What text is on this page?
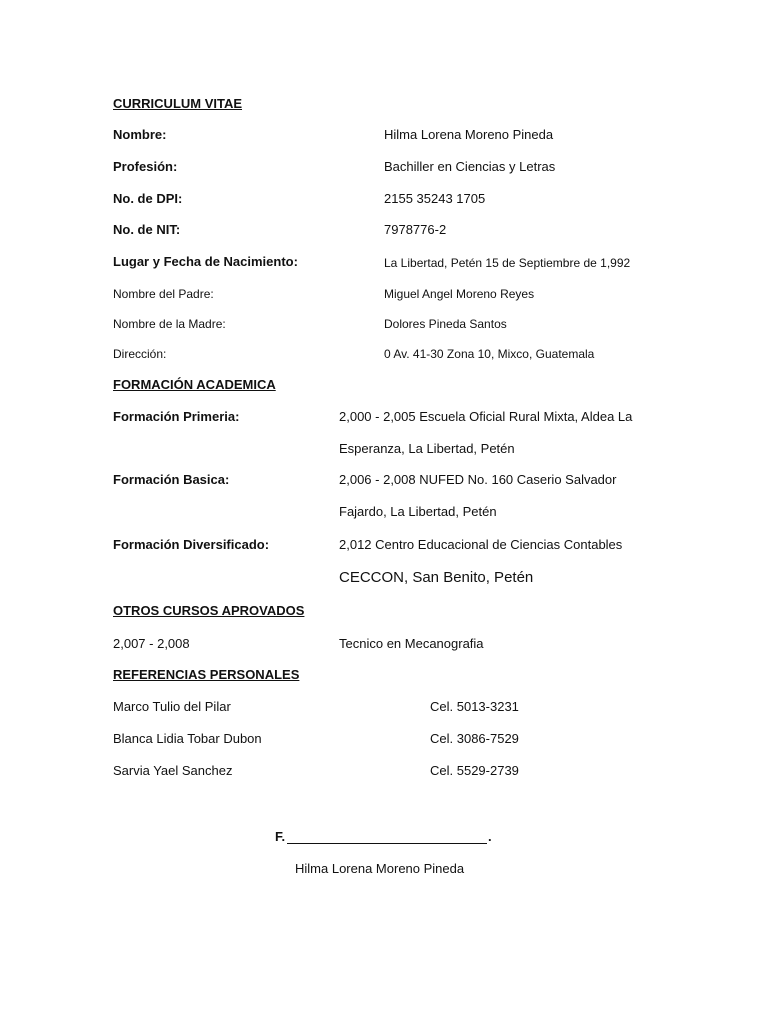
CURRICULUM VITAE
Nombre:	Hilma Lorena Moreno Pineda
Profesión:	Bachiller en Ciencias y Letras
No. de DPI:	2155 35243 1705
No. de NIT:	7978776-2
Lugar y Fecha de Nacimiento:	La Libertad, Petén 15 de Septiembre de 1,992
Nombre del Padre:	Miguel Angel Moreno Reyes
Nombre de la Madre:	Dolores Pineda Santos
Dirección:	0 Av. 41-30 Zona 10, Mixco, Guatemala
FORMACIÓN ACADEMICA
Formación Primeria:	2,000 - 2,005 Escuela Oficial Rural Mixta, Aldea La
Esperanza, La Libertad, Petén
Formación Basica:	2,006 - 2,008 NUFED No. 160 Caserio Salvador
Fajardo, La Libertad, Petén
Formación Diversificado:	2,012 Centro Educacional de Ciencias Contables
CECCON, San Benito, Petén
OTROS CURSOS APROVADOS
2,007 - 2,008	Tecnico en Mecanografia
REFERENCIAS PERSONALES
Marco Tulio del Pilar	Cel. 5013-3231
Blanca Lidia Tobar Dubon	Cel. 3086-7529
Sarvia Yael Sanchez	Cel. 5529-2739
F.	.
Hilma Lorena Moreno Pineda
